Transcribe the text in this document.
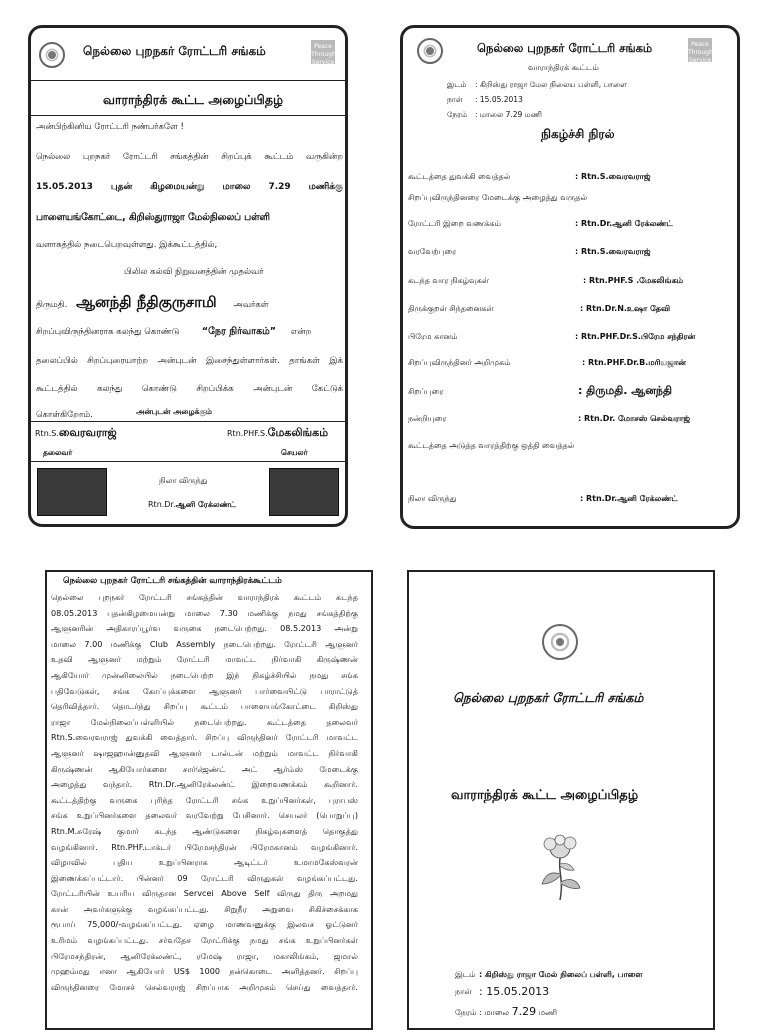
நெல்லை புறநகர் ரோட்டரி சங்கம்	Peace Through Service
வாராந்திரக் கூட்ட அழைப்பிதழ்
அன்பிற்கினிய ரோட்டரி நண்பர்களே !
நெல்லை புறநகர் ரோட்டரி சங்கத்தின் சிறப்புக் கூட்டம் வருகின்ற
15.05.2013 புதன் கிழமையன்று மாலை 7.29 மணிக்கு
பாளையங்கோட்டை, கிறிஸ்துராஜா மேல்நிலைப் பள்ளி
வளாகத்தில் நடைபெறவுள்ளது. இக்கூட்டத்தில்,
பிலில கல்வி நிறுவனத்தின் முதல்வர்
திருமதி. ஆனந்தி நீதிகுருசாமி அவர்கள்
சிறப்புவிருந்தினராக கலந்து கொண்டு “நேர நிர்வாகம்” என்ற
தலைப்பில் சிறப்புரையாற்ற அன்புடன் இசைந்துள்ளார்கள். தாங்கள் இக்
கூட்டத்தில் கலந்து கொண்டு சிறப்பிக்க அன்புடன் கேட்டுக்
கொள்கிறோம்.	அன்புடன் அழைக்கும்
Rtn.S.வைரவராஜ்	Rtn.PHF.S.மேகலிங்கம்
தலைவர்	செயலர்
நிலா விருந்து
Rtn.Dr.ஆனி ரேக்லண்ட்
நெல்லை புறநகர் ரோட்டரி சங்கம்	Peace Through Service
வாராந்திரக் கூட்டம்
இடம் : கிறிஸ்து ராஜா மேல நிலைய பள்ளி, பாளை
நாள் : 15.05.2013
நேரம் : மாலை 7.29 மணி
நிகழ்ச்சி நிரல்
கூட்டத்தை துவக்கி வைத்தல்	: Rtn.S.வைரவராஜ்
சிறப்புவிருந்தினரை மேடைக்கு அழைத்து வருதல்
ரோட்டரி இறை வணக்கம்	: Rtn.Dr.ஆனி ரேக்லண்ட்
வரவேற்புரை	: Rtn.S.வைரவராஜ்
கடந்த வார நிகழ்வுகள்	: Rtn.PHF.S .மேகலிங்கம்
திருக்குறள் சிந்தனைகள்	: Rtn.Dr.N.உஷா தேவி
பிரேம கானம்	: Rtn.PHF.Dr.S.பிரேம சந்திரன்
சிறப்புவிருந்தினர் அறிமுகம்	: Rtn.PHF.Dr.B.மரியஜான்
சிறப்புரை	: திருமதி. ஆனந்தி
நன்றியுரை	: Rtn.Dr. மோசஸ் செல்வராஜ்
கூட்டத்தை அடுத்த வாரத்திற்கு ஒத்தி வைத்தல்
நிலா விருந்து	: Rtn.Dr.ஆனி ரேக்லண்ட்
நெல்லை புறநகர் ரோட்டரி சங்கத்தின் வாராந்திரக்கூட்டம்
நெல்லை புறநகர் ரோட்டரி சங்கத்தின் வாராந்திரக் கூட்டம் கடந்த
08.05.2013 புதன்கிழமையன்று மாலை 7.30 மணிக்கு நமது சங்கத்திற்கு
ஆளுனரின் அதிகாரப்பூர்வ வருகை நடைபெற்றது. 08.5.2013 அன்று
மாலை 7.00 மணிக்கு Club Assembly நடைபெற்றது. ரோட்டரி ஆளுனர்
உதவி ஆளுனர் மற்றும் ரோட்டரி மாவட்ட நிர்வாகி கிருஷ்ணன்
ஆகியோர் முன்னிலையில் நடைபெற்ற இந் நிகழ்ச்சியில் நமது சங்க
பதிவேடுகள், சங்க கோப்புக்களை ஆளுனர் பார்வையிட்டு பாராட்டுத்
தெரிவித்தார். தொடர்ந்து சிறப்பு கூட்டம் பாளையங்கோட்டை கிறிஸ்து
ராஜா மேல்நிலைப்பள்ளியில் நடைபெற்றது. கூட்டத்தை தலைவர்
Rtn.S.வைரவராஜ் துவக்கி வைத்தார். சிறப்பு விருந்தினர் ரோட்டரி மாவட்ட
ஆளுனர் ஷாஜஹான்னுதவி ஆளுனர் டால்டன் மற்றும் மாவட்ட நிர்வாகி
கிருஷ்ணன் ஆகியோர்களை சார்ஜெண்ட் அட் ஆர்ம்ஸ் மேடைக்கு
அழைத்து வந்தார். Rtn.Dr.ஆனிரேக்லண்ட் இறைவணக்கம் கூறினார்.
கூட்டத்திற்கு வருகை புரிந்த ரோட்டரி சங்க உறுப்பினர்கள், புராபஸ்
சங்க உறுப்பினர்களை தலைவர் வரவேற்று பேசினார். செயலர் (பொறுப்பு)
Rtn.M.சுரேஷ் குமார் கடந்த ஆண்டுகளை நிகழ்வுகளைத் தொகுத்து
வழங்கினார். Rtn.PHF.டாக்டர் பிரேமசந்திரன் பிரேமகானம் வழங்கினார்.
விழாவில் புதிய உறுப்பினராக ஆடிட்டர் உமாமகேஸ்வரன்
இணைக்கப்பட்டார். பின்னர் 09 ரோட்டரி விருதுகள் வழங்கப்பட்டது.
ரோட்டரியின் உயரிய விருதான Servcei Above Self விருது திரு அறமது
கான் அவர்களுக்கு வழங்கப்பட்டது. சிறுநீர அறுவை சிகிச்சைக்காக
ரூபாய் 75,000/-வழங்கப்பட்டது. ஏழை மாணவனுக்கு இலவச ஓட்டுனர்
உரிமம் வழங்கப்பட்டது. சர்வதேச ரோட்ரிக்கு நமது சங்க உறுப்பினர்கள்
பிரேமசந்திரன், ஆனிரேக்லண்ட், ரமேஷ் ராஜா, மகாலிங்கம், ஜமால்
முஹம்மது ஈனா ஆகியோர் US$ 1000 நன்கொடை அளித்தனர். சிறப்பு
விருந்தினரை மோசச் செல்வராஜ் சிறப்பாக அறிமுகம் செய்து வைத்தார்.
நெல்லை புறநகர் ரோட்டரி சங்கம்
வாராந்திரக் கூட்ட அழைப்பிதழ்
இடம் : கிறிஸ்து ராஜா மேல் நிலைப் பள்ளி, பாளை
நாள் : 15.05.2013
நேரம் : மாலை 7.29 மணி
